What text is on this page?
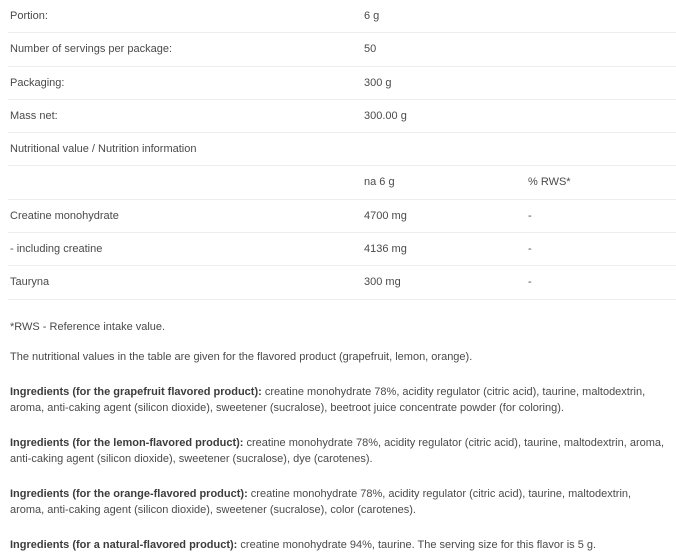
Portion:	6 g	
Number of servings per package:	50	
Packaging:	300 g	
Mass net:	300.00 g	
Nutritional value / Nutrition information		
	na 6 g	% RWS*
Creatine monohydrate	4700 mg	-
- including creatine	4136 mg	-
Tauryna	300 mg	-

*RWS - Reference intake value.

The nutritional values in the table are given for the flavored product (grapefruit, lemon, orange).

Ingredients (for the grapefruit flavored product): creatine monohydrate 78%, acidity regulator (citric acid), taurine, maltodextrin, aroma, anti-caking agent (silicon dioxide), sweetener (sucralose), beetroot juice concentrate powder (for coloring).

Ingredients (for the lemon-flavored product): creatine monohydrate 78%, acidity regulator (citric acid), taurine, maltodextrin, aroma, anti-caking agent (silicon dioxide), sweetener (sucralose), dye (carotenes).

Ingredients (for the orange-flavored product): creatine monohydrate 78%, acidity regulator (citric acid), taurine, maltodextrin, aroma, anti-caking agent (silicon dioxide), sweetener (sucralose), color (carotenes).

Ingredients (for a natural-flavored product): creatine monohydrate 94%, taurine. The serving size for this flavor is 5 g.
